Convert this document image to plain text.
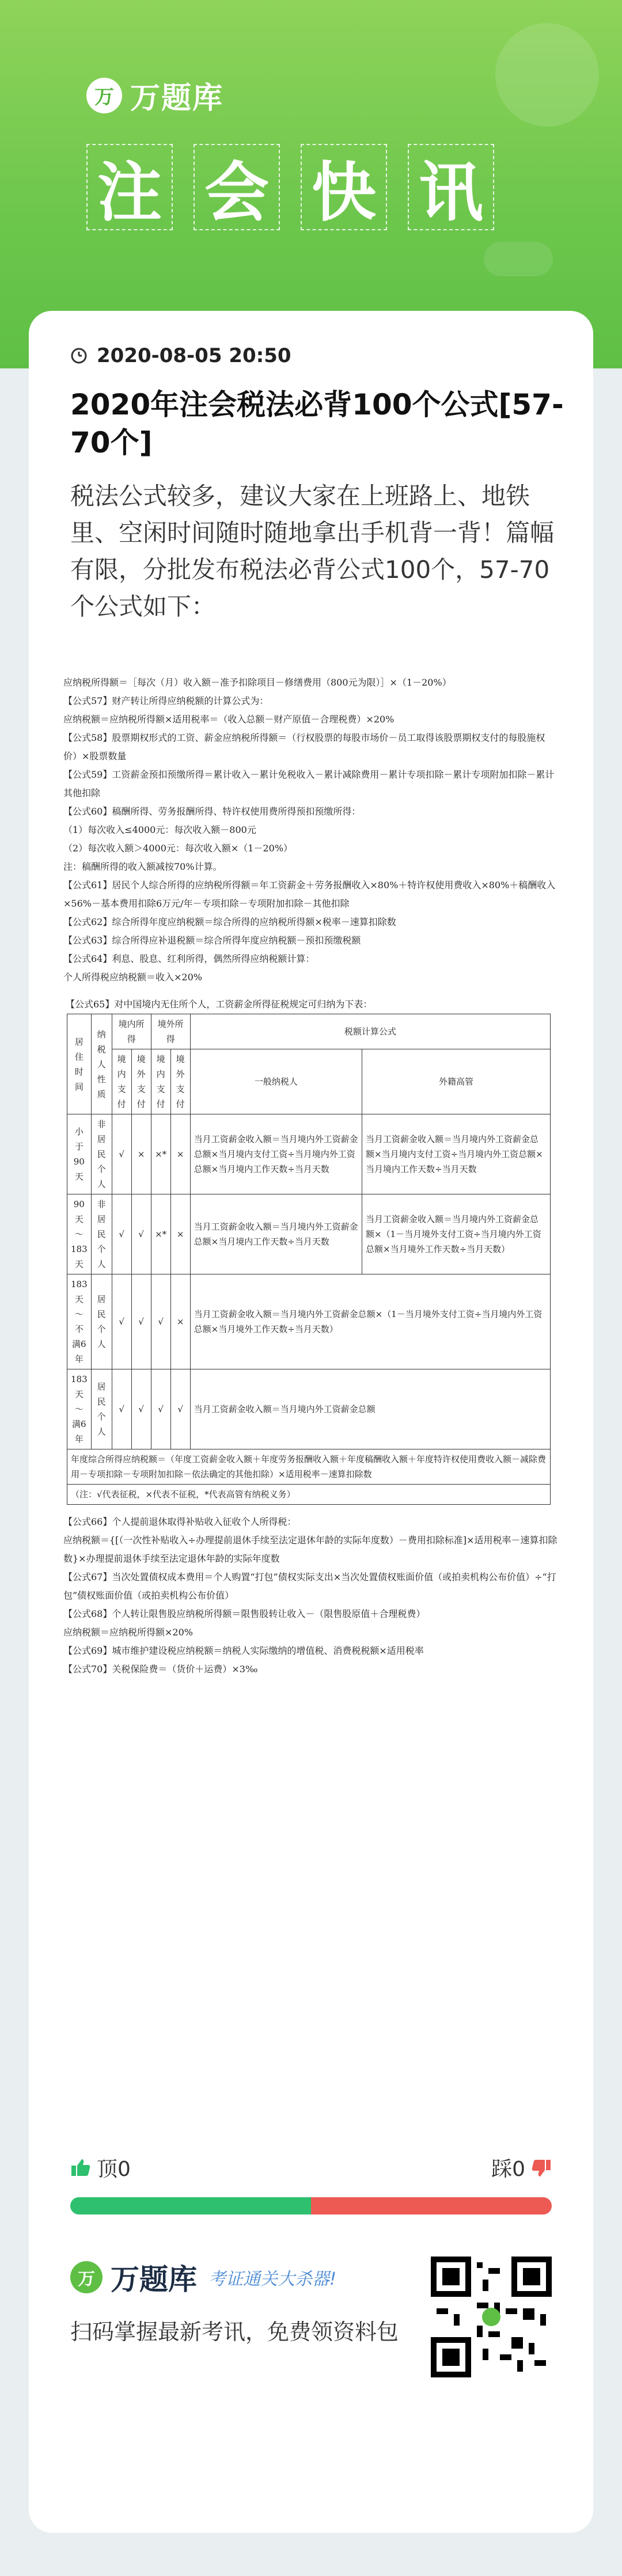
万 万题库
注 会 快 讯
2020-08-05 20:50
2020年注会税法必背100个公式[57-70个]
税法公式较多，建议大家在上班路上、地铁里、空闲时间随时随地拿出手机背一背！篇幅有限，分批发布税法必背公式100个，57-70个公式如下：

应纳税所得额＝［每次（月）收入额－准予扣除项目－修缮费用（800元为限）］×（1－20%）

【公式57】财产转让所得应纳税额的计算公式为：

应纳税额＝应纳税所得额×适用税率＝（收入总额－财产原值－合理税费）×20%

【公式58】股票期权形式的工资、薪金应纳税所得额＝（行权股票的每股市场价－员工取得该股票期权支付的每股施权价）×股票数量

【公式59】工资薪金预扣预缴所得＝累计收入－累计免税收入－累计减除费用－累计专项扣除－累计专项附加扣除－累计其他扣除

【公式60】稿酬所得、劳务报酬所得、特许权使用费所得预扣预缴所得：

（1）每次收入≤4000元：每次收入额－800元

（2）每次收入额＞4000元：每次收入额×（1－20%）

注：稿酬所得的收入额减按70%计算。

【公式61】居民个人综合所得的应纳税所得额＝年工资薪金＋劳务报酬收入×80%＋特许权使用费收入×80%＋稿酬收入×56%－基本费用扣除6万元/年－专项扣除－专项附加扣除－其他扣除

【公式62】综合所得年度应纳税额＝综合所得的应纳税所得额×税率－速算扣除数

【公式63】综合所得应补退税额＝综合所得年度应纳税额－预扣预缴税额

【公式64】利息、股息、红利所得，偶然所得应纳税额计算：

个人所得税应纳税额＝收入×20%

【公式65】对中国境内无住所个人，工资薪金所得征税规定可归纳为下表：
居住时间	纳税人性质	境内所得		境外所得		税额计算公式	
		境内支付	境外支付	境内支付	境外支付	一般纳税人	外籍高管
小于90天	非居民个人	√	×	×*	×	当月工资薪金收入额＝当月境内外工资薪金总额×当月境内支付工资÷当月境内外工资总额×当月境内工作天数÷当月天数	当月工资薪金收入额＝当月境内外工资薪金总额×当月境内支付工资÷当月境内外工资总额×当月境内工作天数÷当月天数
90天～183天	非居民个人	√	√	×*	×	当月工资薪金收入额＝当月境内外工资薪金总额×当月境内工作天数÷当月天数	当月工资薪金收入额＝当月境内外工资薪金总额×（1－当月境外支付工资÷当月境内外工资总额×当月境外工作天数÷当月天数）
183天～不满6年	居民个人	√	√	√	×	当月工资薪金收入额＝当月境内外工资薪金总额×（1－当月境外支付工资÷当月境内外工资总额×当月境外工作天数÷当月天数）	
183天～满6年	居民个人	√	√	√	√	当月工资薪金收入额＝当月境内外工资薪金总额	
年度综合所得应纳税额＝（年度工资薪金收入额＋年度劳务报酬收入额＋年度稿酬收入额＋年度特许权使用费收入额－减除费用－专项扣除－专项附加扣除－依法确定的其他扣除）×适用税率－速算扣除数							
（注：√代表征税，×代表不征税，*代表高管有纳税义务）							

【公式66】个人提前退休取得补贴收入征收个人所得税：

应纳税额＝{[（一次性补贴收入÷办理提前退休手续至法定退休年龄的实际年度数）－费用扣除标准]×适用税率－速算扣除数}×办理提前退休手续至法定退休年龄的实际年度数

【公式67】当次处置债权成本费用＝个人购置“打包”债权实际支出×当次处置债权账面价值（或拍卖机构公布价值）÷“打包”债权账面价值（或拍卖机构公布价值）

【公式68】个人转让限售股应纳税所得额＝限售股转让收入－（限售股原值＋合理税费）

应纳税额＝应纳税所得额×20%

【公式69】城市维护建设税应纳税额＝纳税人实际缴纳的增值税、消费税税额×适用税率

【公式70】关税保险费＝（货价＋运费）×3‰

顶0	踩0
万 万题库 考证通关大杀器!
扫码掌握最新考讯，免费领资料包
